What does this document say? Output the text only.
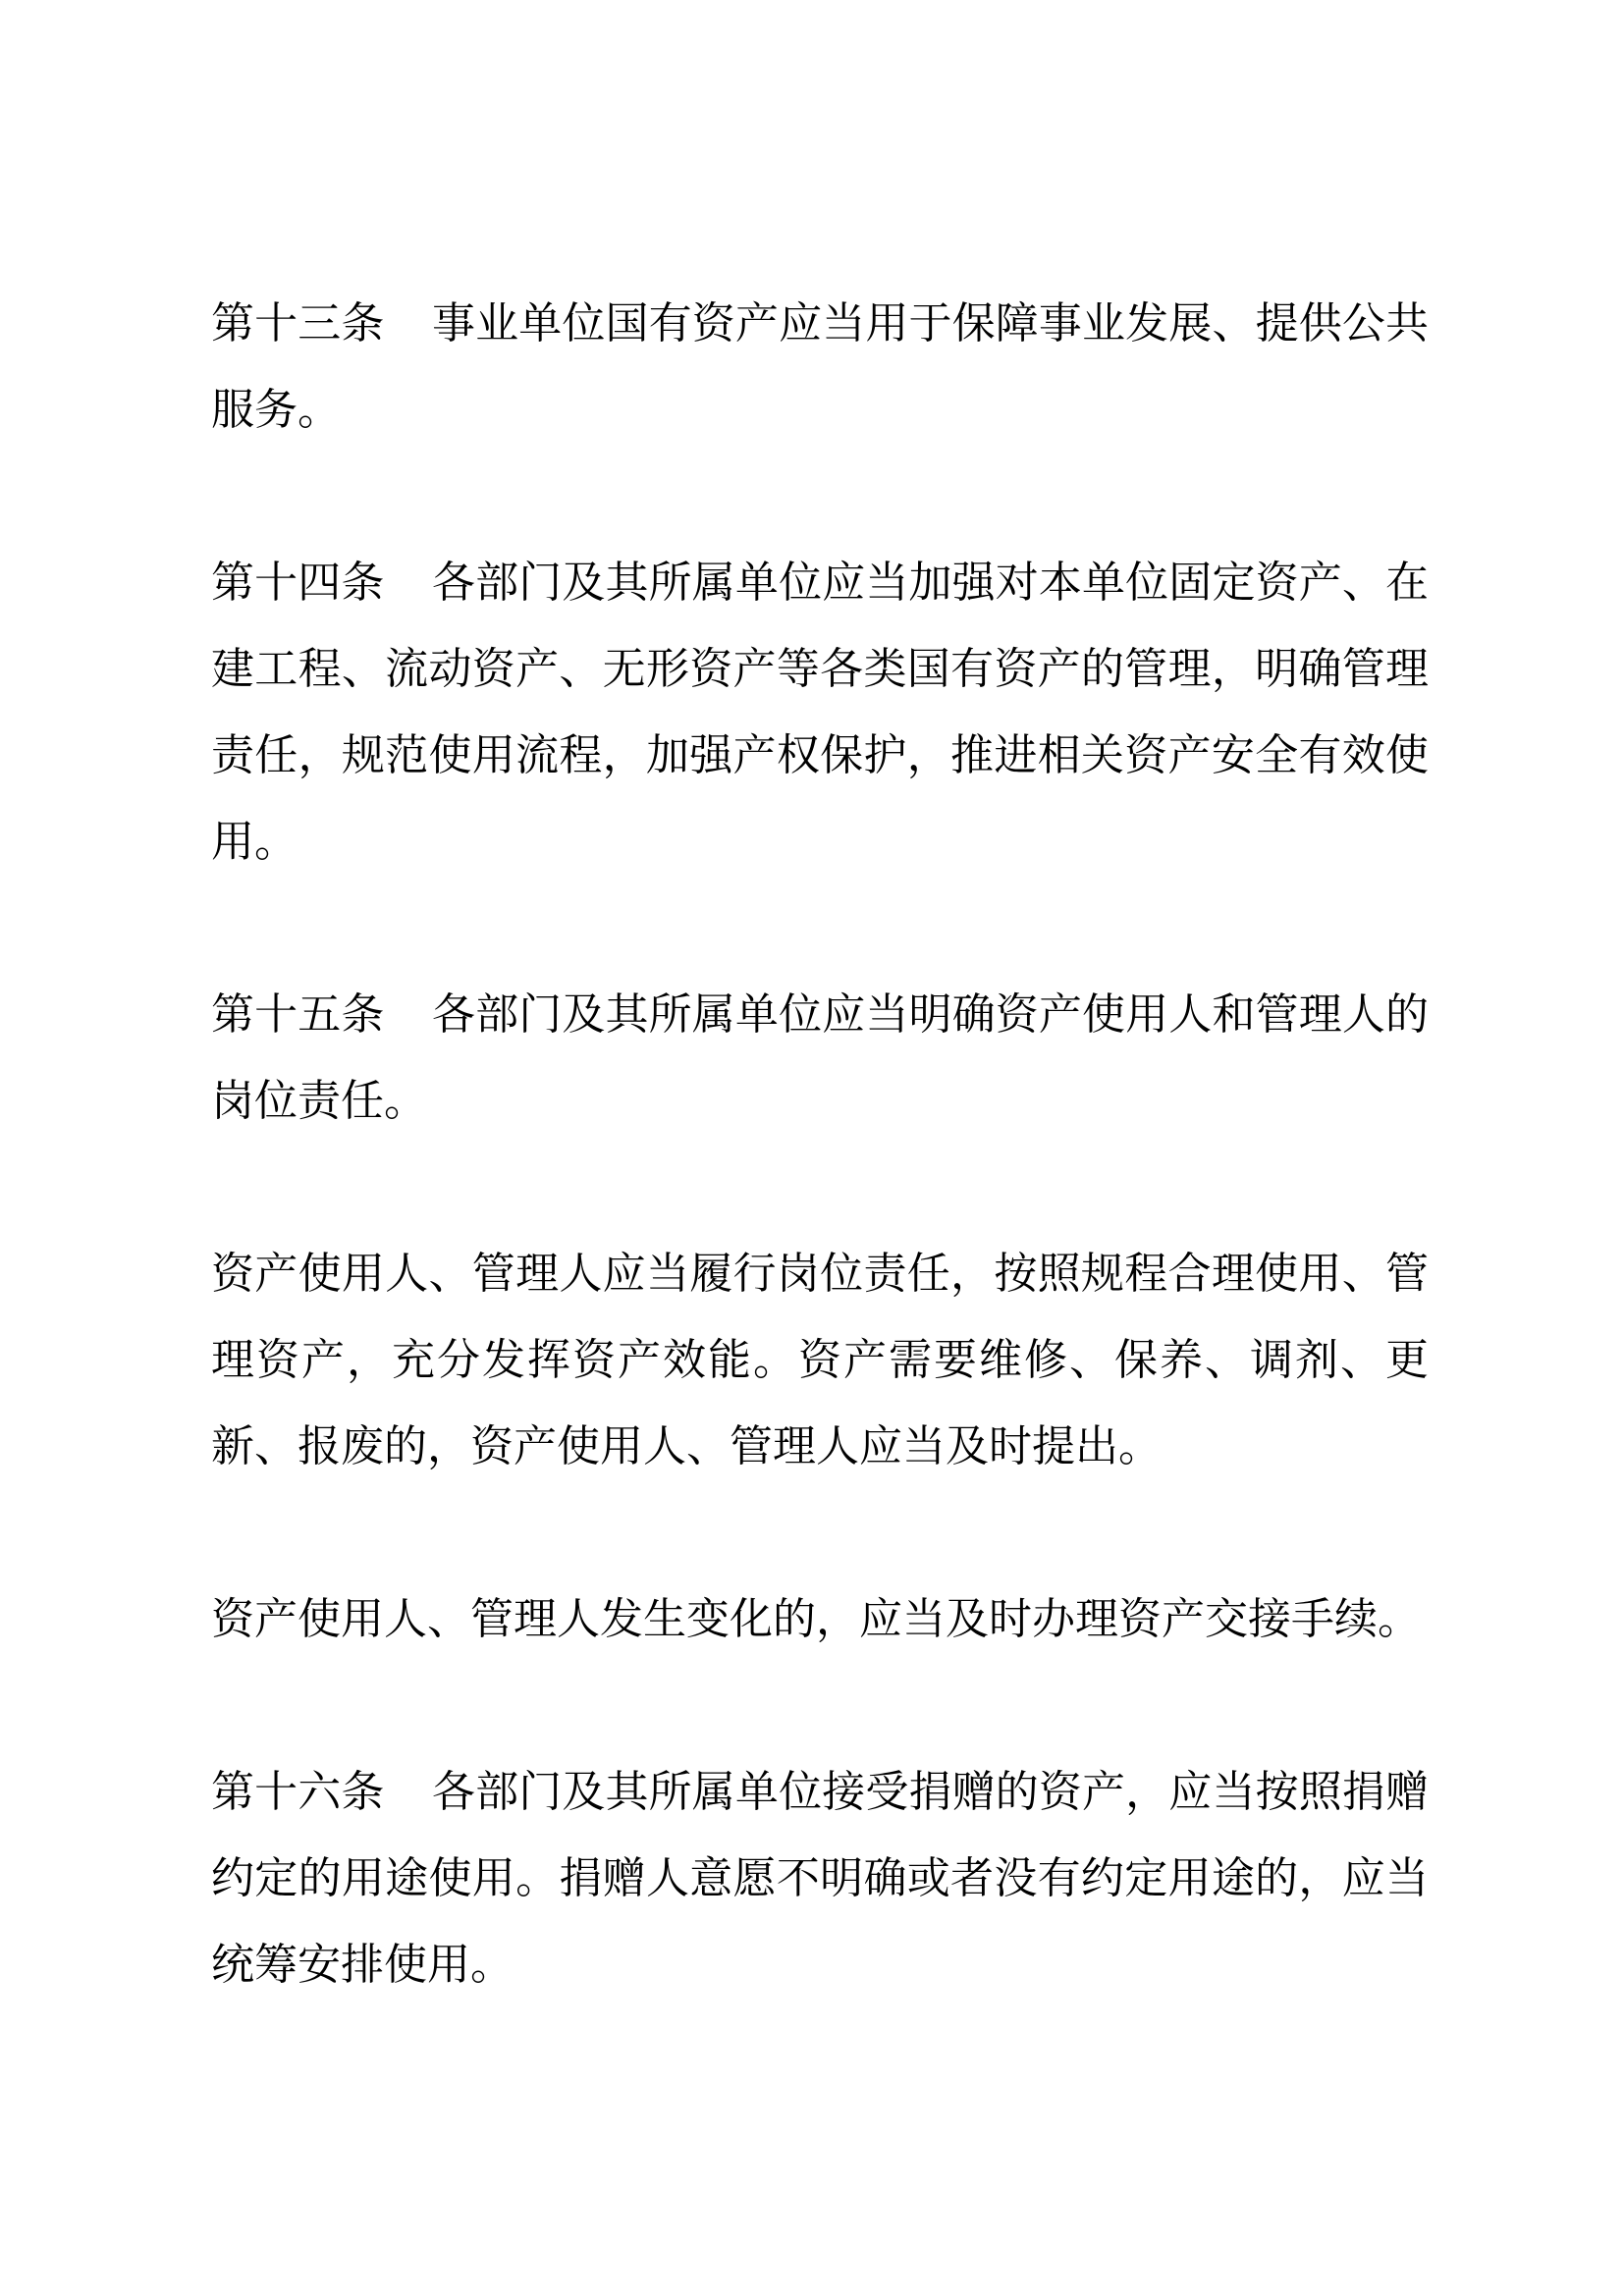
第十三条 事业单位国有资产应当用于保障事业发展、提供公共服务。

第十四条 各部门及其所属单位应当加强对本单位固定资产、在建工程、流动资产、无形资产等各类国有资产的管理，明确管理责任，规范使用流程，加强产权保护，推进相关资产安全有效使用。

第十五条 各部门及其所属单位应当明确资产使用人和管理人的岗位责任。

资产使用人、管理人应当履行岗位责任，按照规程合理使用、管理资产，充分发挥资产效能。资产需要维修、保养、调剂、更新、报废的，资产使用人、管理人应当及时提出。

资产使用人、管理人发生变化的，应当及时办理资产交接手续。

第十六条 各部门及其所属单位接受捐赠的资产，应当按照捐赠约定的用途使用。捐赠人意愿不明确或者没有约定用途的，应当统筹安排使用。
